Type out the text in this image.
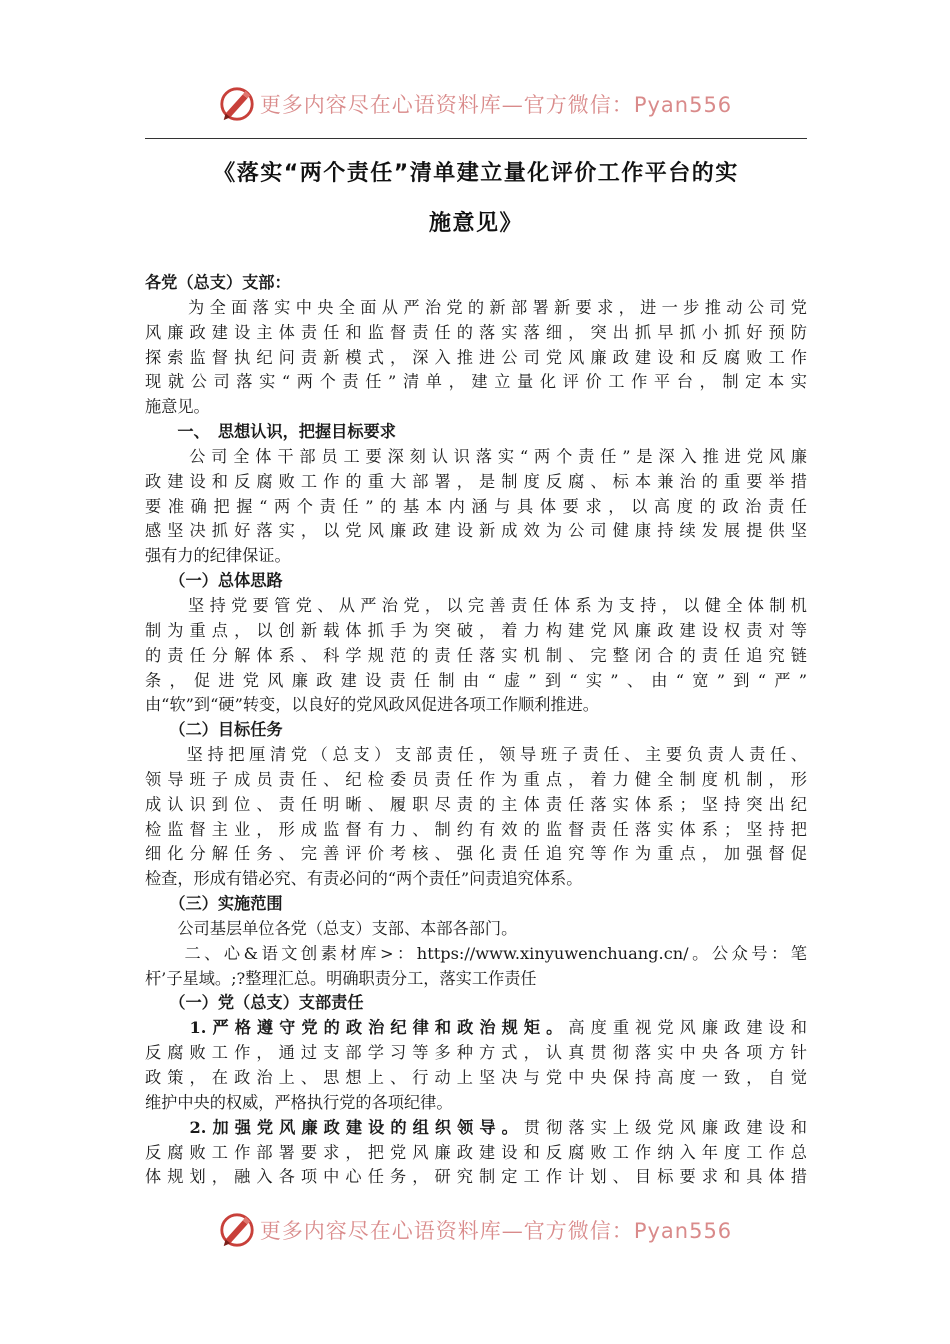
更多内容尽在心语资料库—官方微信：Pyan556
《落实“两个责任”清单建立量化评价工作平台的实
施意见》
各党（总支）支部：
　　为全面落实中央全面从严治党的新部署新要求，进一步推动公司党
风廉政建设主体责任和监督责任的落实落细，突出抓早抓小抓好预防
探索监督执纪问责新模式，深入推进公司党风廉政建设和反腐败工作
现就公司落实“两个责任”清单，建立量化评价工作平台，制定本实
施意见。
　　一、　思想认识，把握目标要求
　　公司全体干部员工要深刻认识落实“两个责任”是深入推进党风廉
政建设和反腐败工作的重大部署，是制度反腐、标本兼治的重要举措
要准确把握“两个责任”的基本内涵与具体要求，以高度的政治责任
感坚决抓好落实，以党风廉政建设新成效为公司健康持续发展提供坚
强有力的纪律保证。
　　（一）总体思路
　　坚持党要管党、从严治党，以完善责任体系为支持，以健全体制机
制为重点，以创新载体抓手为突破，着力构建党风廉政建设权责对等
的责任分解体系、科学规范的责任落实机制、完整闭合的责任追究链
条，促进党风廉政建设责任制由“虚”到“实”、由“宽”到“严”
由“软”到“硬”转变，以良好的党风政风促进各项工作顺利推进。
　　（二）目标任务
　　坚持把厘清党（总支）支部责任，领导班子责任、主要负责人责任、
领导班子成员责任、纪检委员责任作为重点，着力健全制度机制，形
成认识到位、责任明晰、履职尽责的主体责任落实体系；坚持突出纪
检监督主业，形成监督有力、制约有效的监督责任落实体系；坚持把
细化分解任务、完善评价考核、强化责任追究等作为重点，加强督促
检查，形成有错必究、有责必问的“两个责任”问责追究体系。
　　（三）实施范围
　　公司基层单位各党（总支）支部、本部各部门。
　　二、心&语文创素材库>：https://www.xinyuwenchuang.cn/。公众号：笔
杆’子星域。;?整理汇总。明确职责分工，落实工作责任
　　（一）党（总支）支部责任
　　1.严格遵守党的政治纪律和政治规矩。高度重视党风廉政建设和
反腐败工作，通过支部学习等多种方式，认真贯彻落实中央各项方针
政策，在政治上、思想上、行动上坚决与党中央保持高度一致，自觉
维护中央的权威，严格执行党的各项纪律。
　　2.加强党风廉政建设的组织领导。贯彻落实上级党风廉政建设和
反腐败工作部署要求，把党风廉政建设和反腐败工作纳入年度工作总
体规划，融入各项中心任务，研究制定工作计划、目标要求和具体措
更多内容尽在心语资料库—官方微信：Pyan556
